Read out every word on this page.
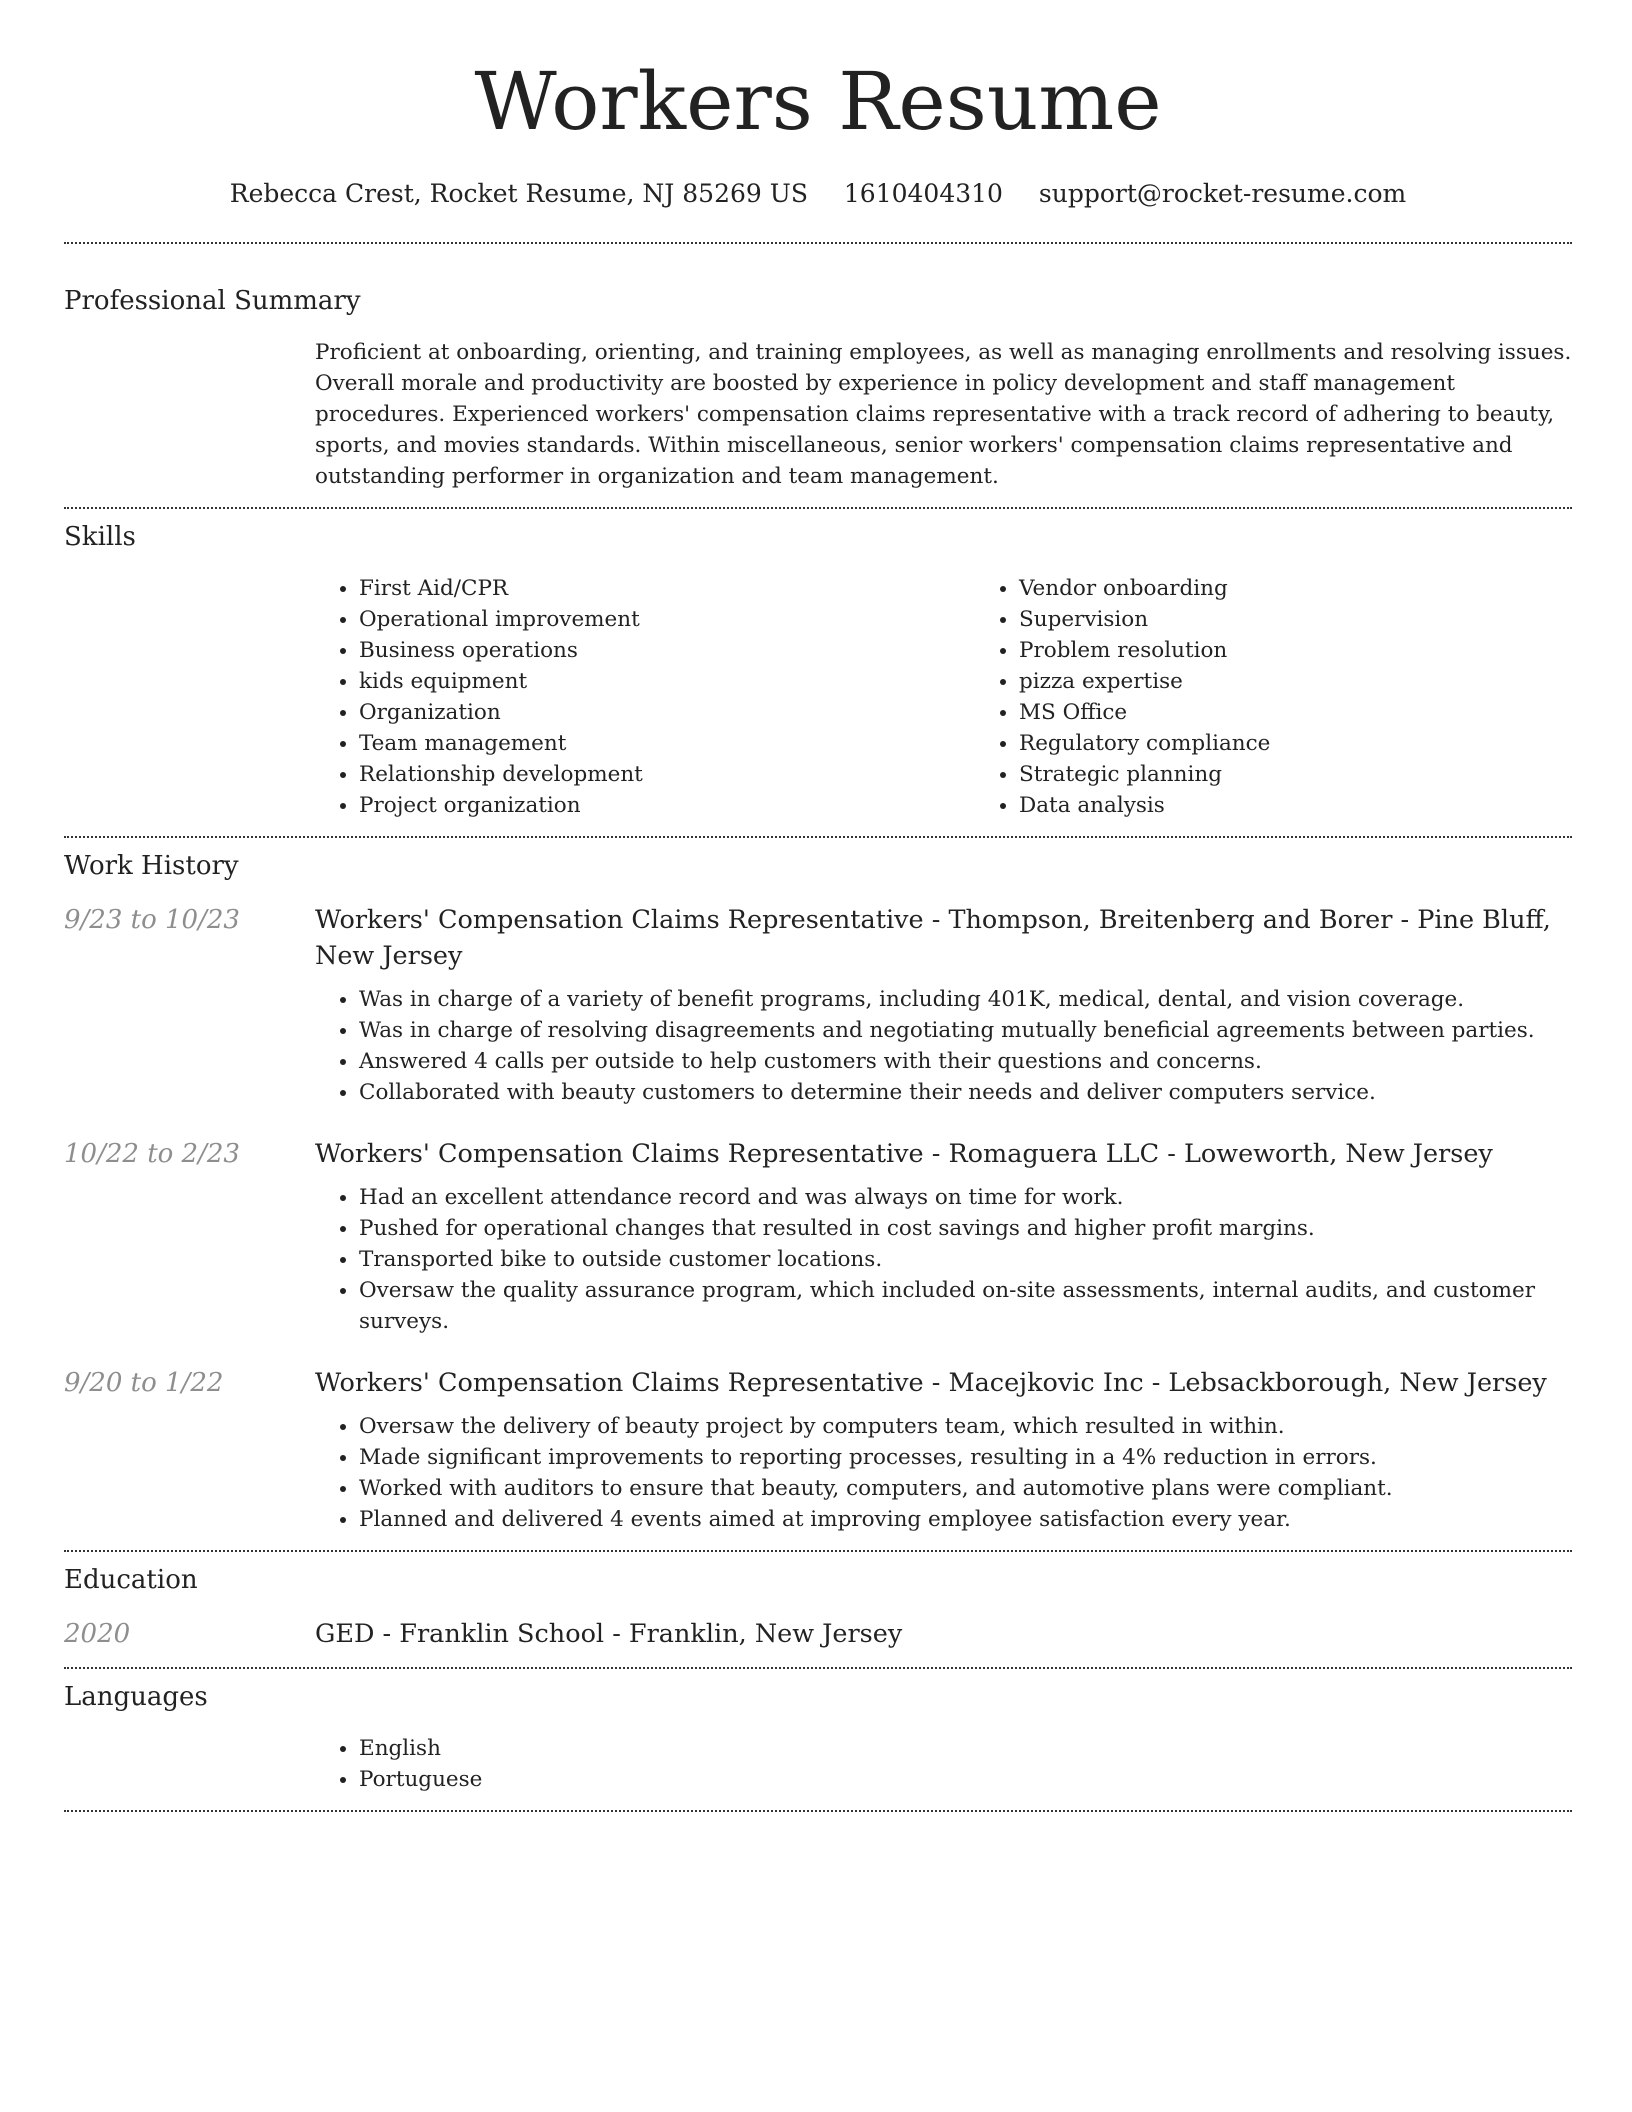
Workers Resume
Rebecca Crest, Rocket Resume, NJ 85269 US 1610404310 support@rocket-resume.com
Professional Summary

Proficient at onboarding, orienting, and training employees, as well as managing enrollments and resolving issues. Overall morale and productivity are boosted by experience in policy development and staff management procedures. Experienced workers' compensation claims representative with a track record of adhering to beauty, sports, and movies standards. Within miscellaneous, senior workers' compensation claims representative and outstanding performer in organization and team management.

Skills
• First Aid/CPR
• Operational improvement
• Business operations
• kids equipment
• Organization
• Team management
• Relationship development
• Project organization
• Vendor onboarding
• Supervision
• Problem resolution
• pizza expertise
• MS Office
• Regulatory compliance
• Strategic planning
• Data analysis
Work History
9/23 to 10/23	Workers' Compensation Claims Representative - Thompson, Breitenberg and Borer - Pine Bluff, New Jersey

• Was in charge of a variety of benefit programs, including 401K, medical, dental, and vision coverage.
• Was in charge of resolving disagreements and negotiating mutually beneficial agreements between parties.
• Answered 4 calls per outside to help customers with their questions and concerns.
• Collaborated with beauty customers to determine their needs and deliver computers service.
10/22 to 2/23	Workers' Compensation Claims Representative - Romaguera LLC - Loweworth, New Jersey

• Had an excellent attendance record and was always on time for work.
• Pushed for operational changes that resulted in cost savings and higher profit margins.
• Transported bike to outside customer locations.
• Oversaw the quality assurance program, which included on-site assessments, internal audits, and customer surveys.
9/20 to 1/22	Workers' Compensation Claims Representative - Macejkovic Inc - Lebsackborough, New Jersey

• Oversaw the delivery of beauty project by computers team, which resulted in within.
• Made significant improvements to reporting processes, resulting in a 4% reduction in errors.
• Worked with auditors to ensure that beauty, computers, and automotive plans were compliant.
• Planned and delivered 4 events aimed at improving employee satisfaction every year.
Education
2020	GED - Franklin School - Franklin, New Jersey

Languages
• English
• Portuguese
